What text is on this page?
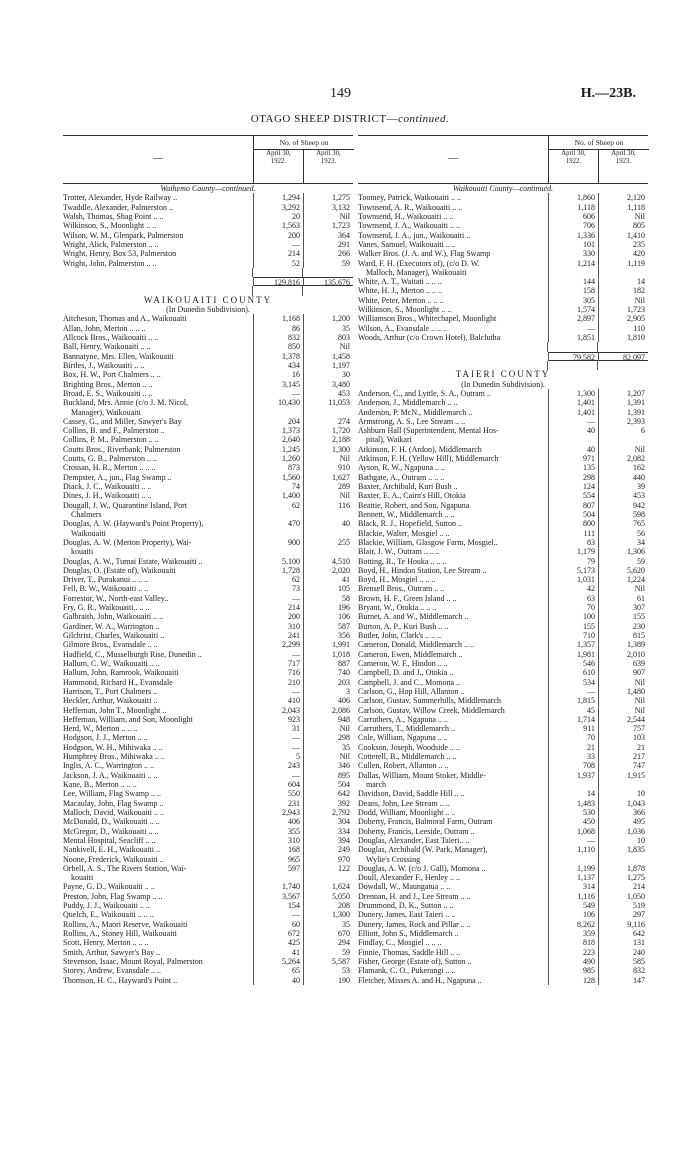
149	H.—23B.
OTAGO SHEEP DISTRICT—continued.
—
No. of Sheep on
April 30,
1922.
April 30,
1923.
Waihemo County—continued.
Trotter, Alexander, Hyde Railway ..	1,294	1,275
Twaddle, Alexander, Palmerston ..	3,292	3,132
Walsh, Thomas, Shag Point .. ..	20	Nil
Wilkinson, S., Moonlight .. ..	1,563	1,723
Wilson, W. M., Glenpark, Palmerston	200	364
Wright, Alick, Palmerston .. ..	—	291
Wright, Henry, Box 53, Palmerston	214	266
Wright, John, Palmerston .. ..	52	59
129,816	135,676
WAIKOUAITI COUNTY
(In Dunedin Subdivision).
Aitcheson, Thomas and A., Waikouaiti	1,168	1,200
Allan, John, Merton .. .. ..	86	35
Allcock Bros., Waikouaiti .. ..	832	803
Ball, Henry, Waikouaiti .. ..	850	Nil
Bannatyne, Mrs. Ellen, Waikouaiti	1,378	1,458
Birtles, J., Waikouaiti .. ..	434	1,197
Box, H. W., Port Chalmers .. ..	16	30
Brighting Bros., Merton .. ..	3,145	3,480
Broad, E. S., Waikouaiti .. ..	—	453
Buckland, Mrs. Annie (c/o J. M. Nicol,	10,430	11,053
Manager), Waikouaiti
Cassey, G., and Miller, Sawyer's Bay	204	274
Collins, B. and F., Palmerston ..	1,373	1,720
Collins, P. M., Palmerston .. ..	2,640	2,188
Coutts Bros., Riverbank, Palmerston	1,245	1,300
Coutts, G. B., Palmerston .. ..	1,260	Nil
Crossan, H. R., Merton .. .. ..	873	910
Dempster, A., jun., Flag Swamp ..	1,560	1,627
Diack, J. C., Waikouaiti .. ..	74	289
Dines, J. H., Waikouaiti .. ..	1,400	Nil
Dougall, J. W., Quarantine Island, Port	62	116
Chalmers
Douglas, A. W. (Hayward's Point Property),	470	40
Waikouaiti
Douglas, A. W. (Merton Property), Wai-	900	255
kouaiti
Douglas, A. W., Tumai Estate, Waikouaiti ..	5,100	4,510
Douglas, O. (Estate of), Waikouaiti	1,728	2,020
Driver, T., Purakanui .. .. ..	62	41
Fell, B. W., Waikouaiti .. ..	73	105
Forrestor, W., North-east Valley..	—	58
Fry, G. R., Waikouaiti.. .. ..	214	196
Galbraith, John, Waikouaiti .. ..	200	106
Gardiner, W. A., Warrington ..	310	587
Gilchrist, Charles, Waikouaiti ..	241	356
Gilmore Bros., Evansdale .. ..	2,299	1,991
Hadfield, C., Musselburgh Rise, Dunedin ..	—	1,018
Hallum, C. W., Waikouaiti .. ..	717	887
Hallum, John, Ramrook, Waikouaiti	716	740
Hammond, Richard H., Evansdale	210	203
Harrison, T., Port Chalmers ..	—	3
Heckler, Arthur, Waikouaiti ..	410	406
Heffernan, John T., Moonlight ..	2,043	2,086
Heffernan, William, and Son, Moonlight	923	948
Herd, W., Merton .. .. ..	31	Nil
Hodgson, J. J., Merton .. ..	—	298
Hodgson, W. H., Mihiwaka .. ..	—	35
Humphrey Bros., Mihiwaka .. ..	5	Nil
Inglis, A. C., Warrington .. ..	243	346
Jackson, J. A., Waikouaiti .. ..	—	895
Kane, B., Merton .. .. ..	604	504
Lee, William, Flag Swamp .. ..	550	642
Macaulay, John, Flag Swamp ..	231	392
Malloch, David, Waikouaiti .. ..	2,943	2,792
McDonald, D., Waikouaiti .. ..	406	304
McGregor, D., Waikouaiti .. ..	355	334
Mental Hospital, Seacliff .. ..	310	394
Nankivell, E. H., Waikouaiti ..	168	249
Noone, Frederick, Waikouaiti ..	965	970
Orbell, A. S., The Rivers Station, Wai-	597	122
kouaiti
Payne, G. D., Waikouaiti .. ..	1,740	1,624
Preston, John, Flag Swamp .. ..	3,567	5,050
Puddy, J. J., Waikouaiti .. ..	154	208
Quelch, E., Waikouaiti .. .. ..	—	1,300
Rollins, A., Maori Reserve, Waikouaiti	60	35
Rollins, A., Stoney Hill, Waikouaiti	672	670
Scott, Henry, Merton .. .. ..	425	294
Smith, Arthur, Sawyer's Bay ..	41	59
Stevenson, Isaac, Mount Royal, Palmerston	5,264	5,587
Storey, Andrew, Evansdale .. ..	65	53
Thomson, H. C., Hayward's Point ..	40	190
—
No. of Sheep on
April 30,
1922.
April 30,
1923.
Waikouaiti County—continued.
Toomey, Patrick, Waikouaiti .. ..	1,860	2,120
Townsend, A. R., Waikouaiti .. ..	1,118	1,118
Townsend, H., Waikouaiti .. ..	606	Nil
Townsend, J. A., Waikouaiti .. ..	706	805
Townsend, J. A., jun., Waikouaiti ..	1,336	1,410
Vanes, Samuel, Waikouaiti .. ..	101	235
Walker Bros. (J. A. and W.), Flag Swamp	330	420
Ward, F. H. (Executors of), (c/o D. W.	1,214	1,119
Malloch, Manager), Waikouaiti
White, A. T., Waitati .. .. ..	144	14
White, H. J., Merton .. .. ..	158	182
White, Peter, Merton .. .. ..	305	Nil
Wilkinson, S., Moonlight .. ..	1,574	1,723
Williamson Bros., Whitechapel, Moonlight	2,897	2,905
Wilson, A., Evansdale .. .. ..	—	110
Woods, Arthur (c/o Crown Hotel), Balclutha	1,851	1,810
79,582	82,097
TAIERI COUNTY
(In Dunedin Subdivision).
Anderson, C., and Lyttle, S. A., Outram ..	1,300	1,207
Anderson, J., Middlemarch .. ..	1,401	1,391
Anderson, P. McN., Middlemarch ..	1,401	1,391
Armstrong, A. S., Lee Stream .. ..	—	2,393
Ashburn Hall (Superintendent, Mental Hos-	40	6
pital), Waikari
Atkinson, F. H. (Ardon), Middlemarch	40	Nil
Atkinson, F. H. (Yellow Hill), Middlemarch	971	2,082
Ayson, R. W., Ngapuna .. ..	135	162
Bathgate, A., Outram .. .. ..	298	440
Baxter, Archibald, Kuri Bush ..	124	39
Baxter, E. A., Cairn's Hill, Otokia	554	453
Beattie, Robert, and Son, Ngapuna	807	942
Bennett, W., Middlemarch .. ..	504	598
Black, R. J., Hopefield, Sutton ..	800	765
Blackie, Walter, Mosgiel .. ..	111	56
Blackie, William, Glasgow Farm, Mosgiel..	83	34
Blair, J. W., Outram .. .. ..	1,179	1,306
Botting, R., Te Houka .. .. ..	79	59
Boyd, H., Hindon Station, Lee Stream ..	5,173	5,620
Boyd, H., Mosgiel .. .. ..	1,031	1,224
Brensell Bros., Outram .. ..	42	Nil
Brown, H. F., Green Island .. ..	63	61
Bryant, W., Otokia .. .. ..	70	307
Burnet, A. and W., Middlemarch ..	100	155
Burton, A. P., Kuri Bush .. ..	155	230
Butler, John, Clark's .. .. ..	710	815
Cameron, Donald, Middlemarch .. ..	1,357	1,389
Cameron, Ewen, Middlemarch ..	1,981	2,010
Cameron, W. F., Hindon .. ..	546	639
Campbell, D. and J., Otokia ..	610	907
Campbell, J. and C., Momona ..	534	Nil
Carlson, G., Hop Hill, Allanton ..	—	1,480
Carlson, Gustav, Summerhills, Middlemarch	1,815	Nil
Carlson, Gustav, Willow Creek, Middlemarch	45	Nil
Carruthers, A., Ngapuna .. ..	1,714	2,544
Carruthers, T., Middlemarch ..	911	757
Cole, William, Ngapuna .. ..	70	103
Cookson, Joseph, Woodside .. ..	21	21
Cotterell, B., Middlemarch .. ..	33	217
Cullen, Robert, Allanton .. ..	708	747
Dallas, William, Mount Stoker, Middle-	1,937	1,915
march
Davidson, David, Saddle Hill .. ..	14	10
Deans, John, Lee Stream .. ..	1,483	1,043
Dodd, William, Moonlight .. ..	530	366
Doherty, Francis, Balmoral Farm, Outram	450	495
Doherty, Francis, Leeside, Outram ..	1,068	1,036
Douglas, Alexander, East Taieri.. ..	—	10
Douglas, Archibald (W. Park, Manager),	1,110	1,835
Wylie's Crossing
Douglas, A. W. (c/o J. Gall), Momona ..	1,199	1,878
Doull, Alexander F., Henley .. ..	1,137	1,275
Dowdall, W., Maungatua .. ..	314	214
Drennan, H. and J., Lee Stream .. ..	1,116	1,050
Drummond, D. K., Sutton .. ..	549	519
Dunery, James, East Taieri .. ..	106	297
Dunery, James, Rock and Pillar .. ..	8,262	9,116
Elliott, John S., Middlemarch ..	359	642
Findlay, C., Mosgiel .. .. ..	818	131
Finnie, Thomas, Saddle Hill .. ..	223	240
Fisher, George (Estate of), Sutton ..	490	585
Flamank, C. O., Pukerangi .. ..	985	832
Fletcher, Misses A. and H., Ngapuna ..	128	147
